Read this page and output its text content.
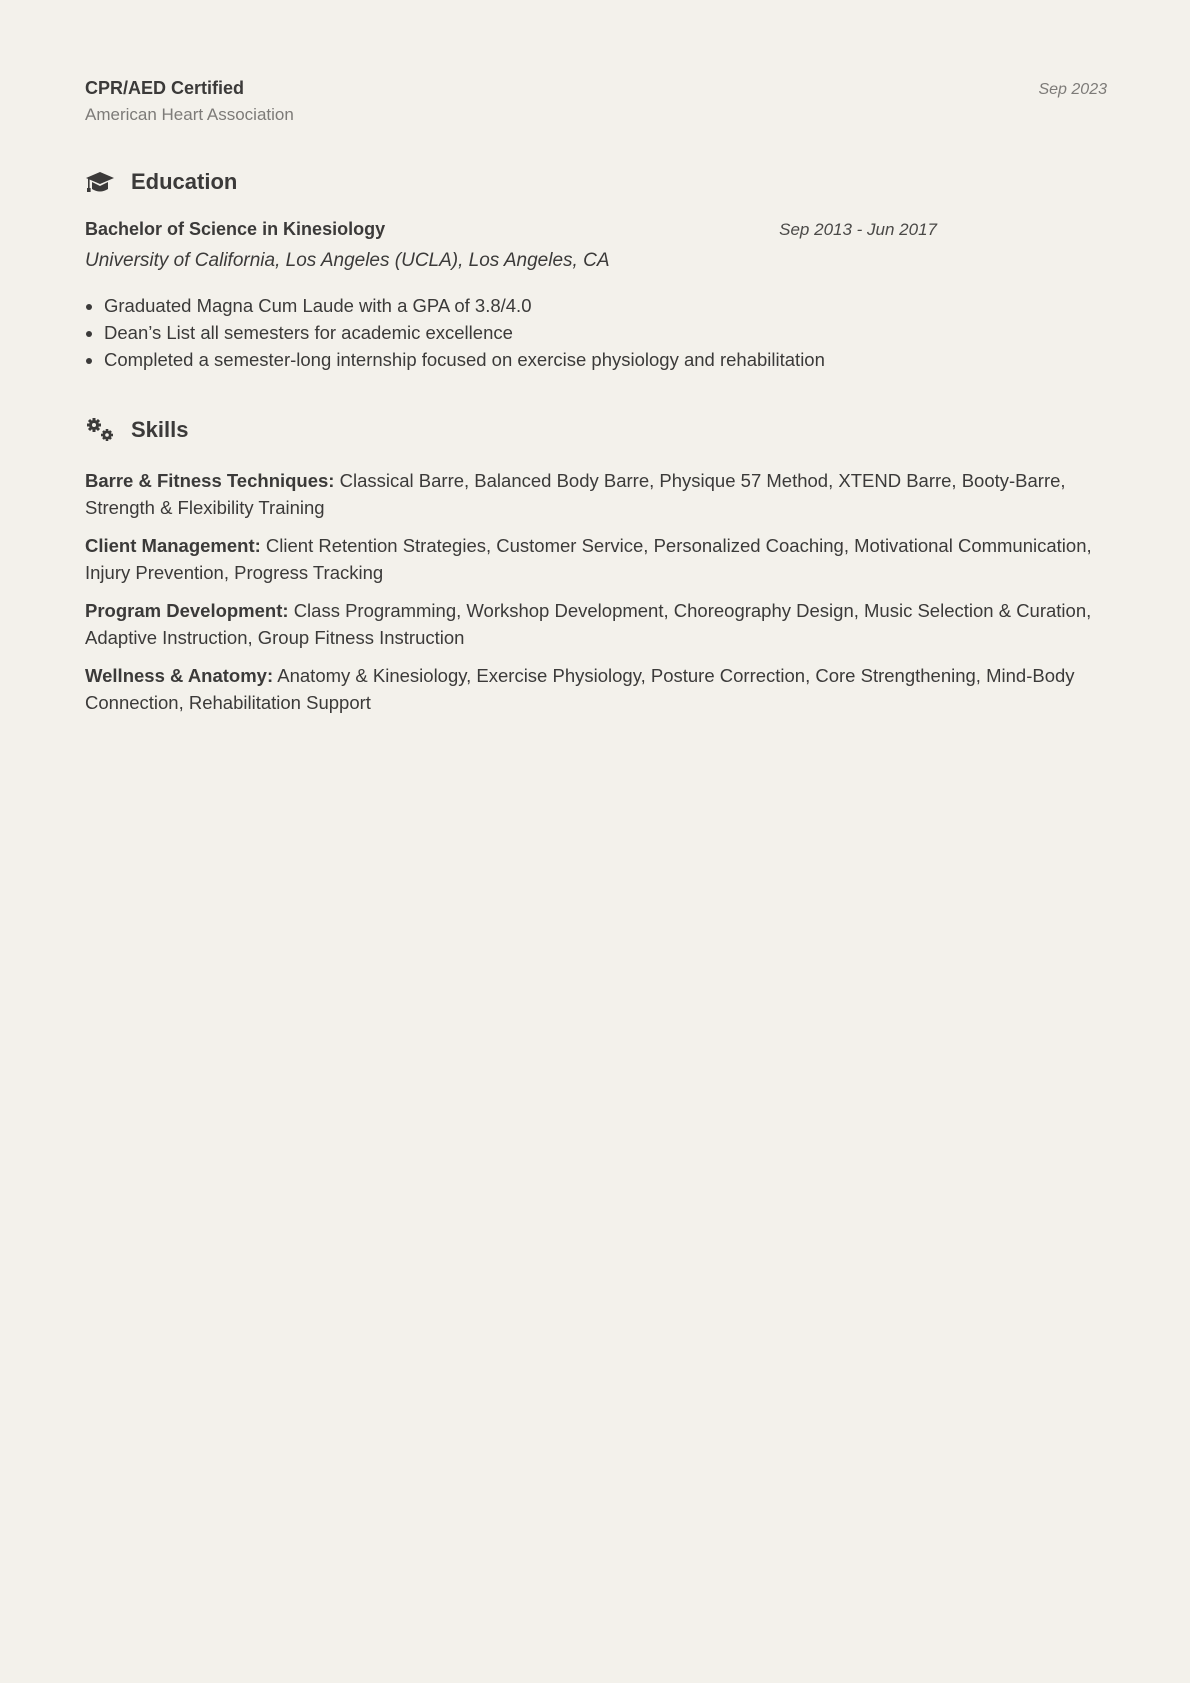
CPR/AED Certified	Sep 2023
American Heart Association
Education
Bachelor of Science in Kinesiology	Sep 2013 - Jun 2017
University of California, Los Angeles (UCLA), Los Angeles, CA
• Graduated Magna Cum Laude with a GPA of 3.8/4.0
• Dean’s List all semesters for academic excellence
• Completed a semester-long internship focused on exercise physiology and rehabilitation
Skills
Barre & Fitness Techniques: Classical Barre, Balanced Body Barre, Physique 57 Method, XTEND Barre, Booty-Barre, Strength & Flexibility Training
Client Management: Client Retention Strategies, Customer Service, Personalized Coaching, Motivational Communication, Injury Prevention, Progress Tracking
Program Development: Class Programming, Workshop Development, Choreography Design, Music Selection & Curation, Adaptive Instruction, Group Fitness Instruction
Wellness & Anatomy: Anatomy & Kinesiology, Exercise Physiology, Posture Correction, Core Strengthening, Mind-Body Connection, Rehabilitation Support
